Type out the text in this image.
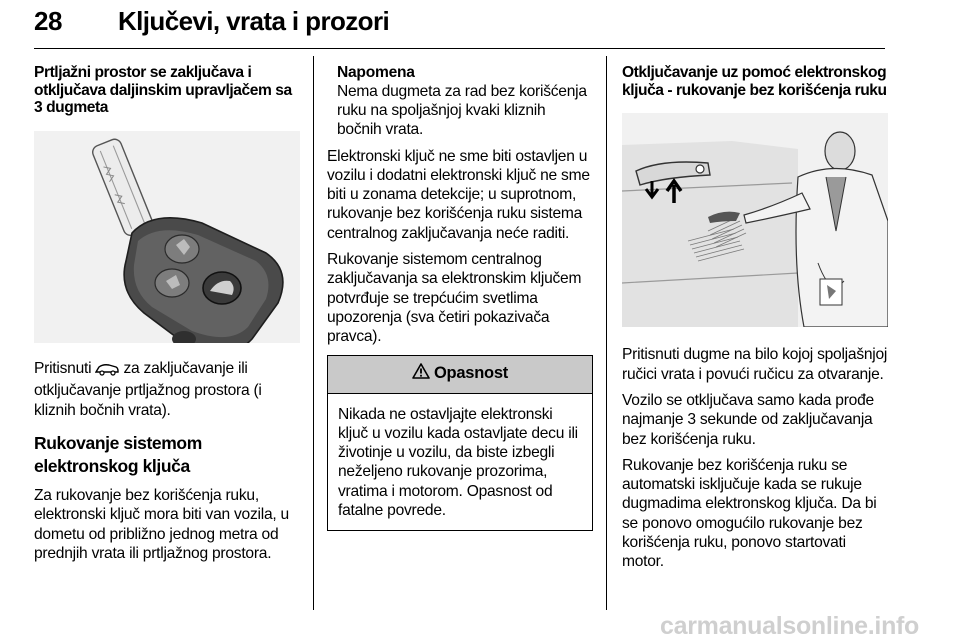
28 Ključevi, vrata i prozori
Prtljažni prostor se zaključava i otključava daljinskim upravljačem sa 3 dugmeta
Pritisnuti za zaključavanje ili otključavanje prtljažnog prostora (i kliznih bočnih vrata).
Rukovanje sistemom elektronskog ključa
Za rukovanje bez korišćenja ruku, elektronski ključ mora biti van vozila, u dometu od približno jednog metra od prednjih vrata ili prtljažnog prostora.
Napomena
Nema dugmeta za rad bez korišćenja ruku na spoljašnjoj kvaki kliznih bočnih vrata.
Elektronski ključ ne sme biti ostavljen u vozilu i dodatni elektronski ključ ne sme biti u zonama detekcije; u suprotnom, rukovanje bez korišćenja ruku sistema centralnog zaključavanja neće raditi.
Rukovanje sistemom centralnog zaključavanja sa elektronskim ključem potvrđuje se trepćućim svetlima upozorenja (sva četiri pokazivača pravca).
Opasnost
Nikada ne ostavljajte elektronski ključ u vozilu kada ostavljate decu ili životinje u vozilu, da biste izbegli neželjeno rukovanje prozorima, vratima i motorom. Opasnost od fatalne povrede.
Otključavanje uz pomoć elektronskog ključa - rukovanje bez korišćenja ruku
Pritisnuti dugme na bilo kojoj spoljašnjoj ručici vrata i povući ručicu za otvaranje.
Vozilo se otključava samo kada prođe najmanje 3 sekunde od zaključavanja bez korišćenja ruku.
Rukovanje bez korišćenja ruku se automatski isključuje kada se rukuje dugmadima elektronskog ključa. Da bi se ponovo omogućilo rukovanje bez korišćenja ruku, ponovo startovati motor.
carmanualsonline.info
